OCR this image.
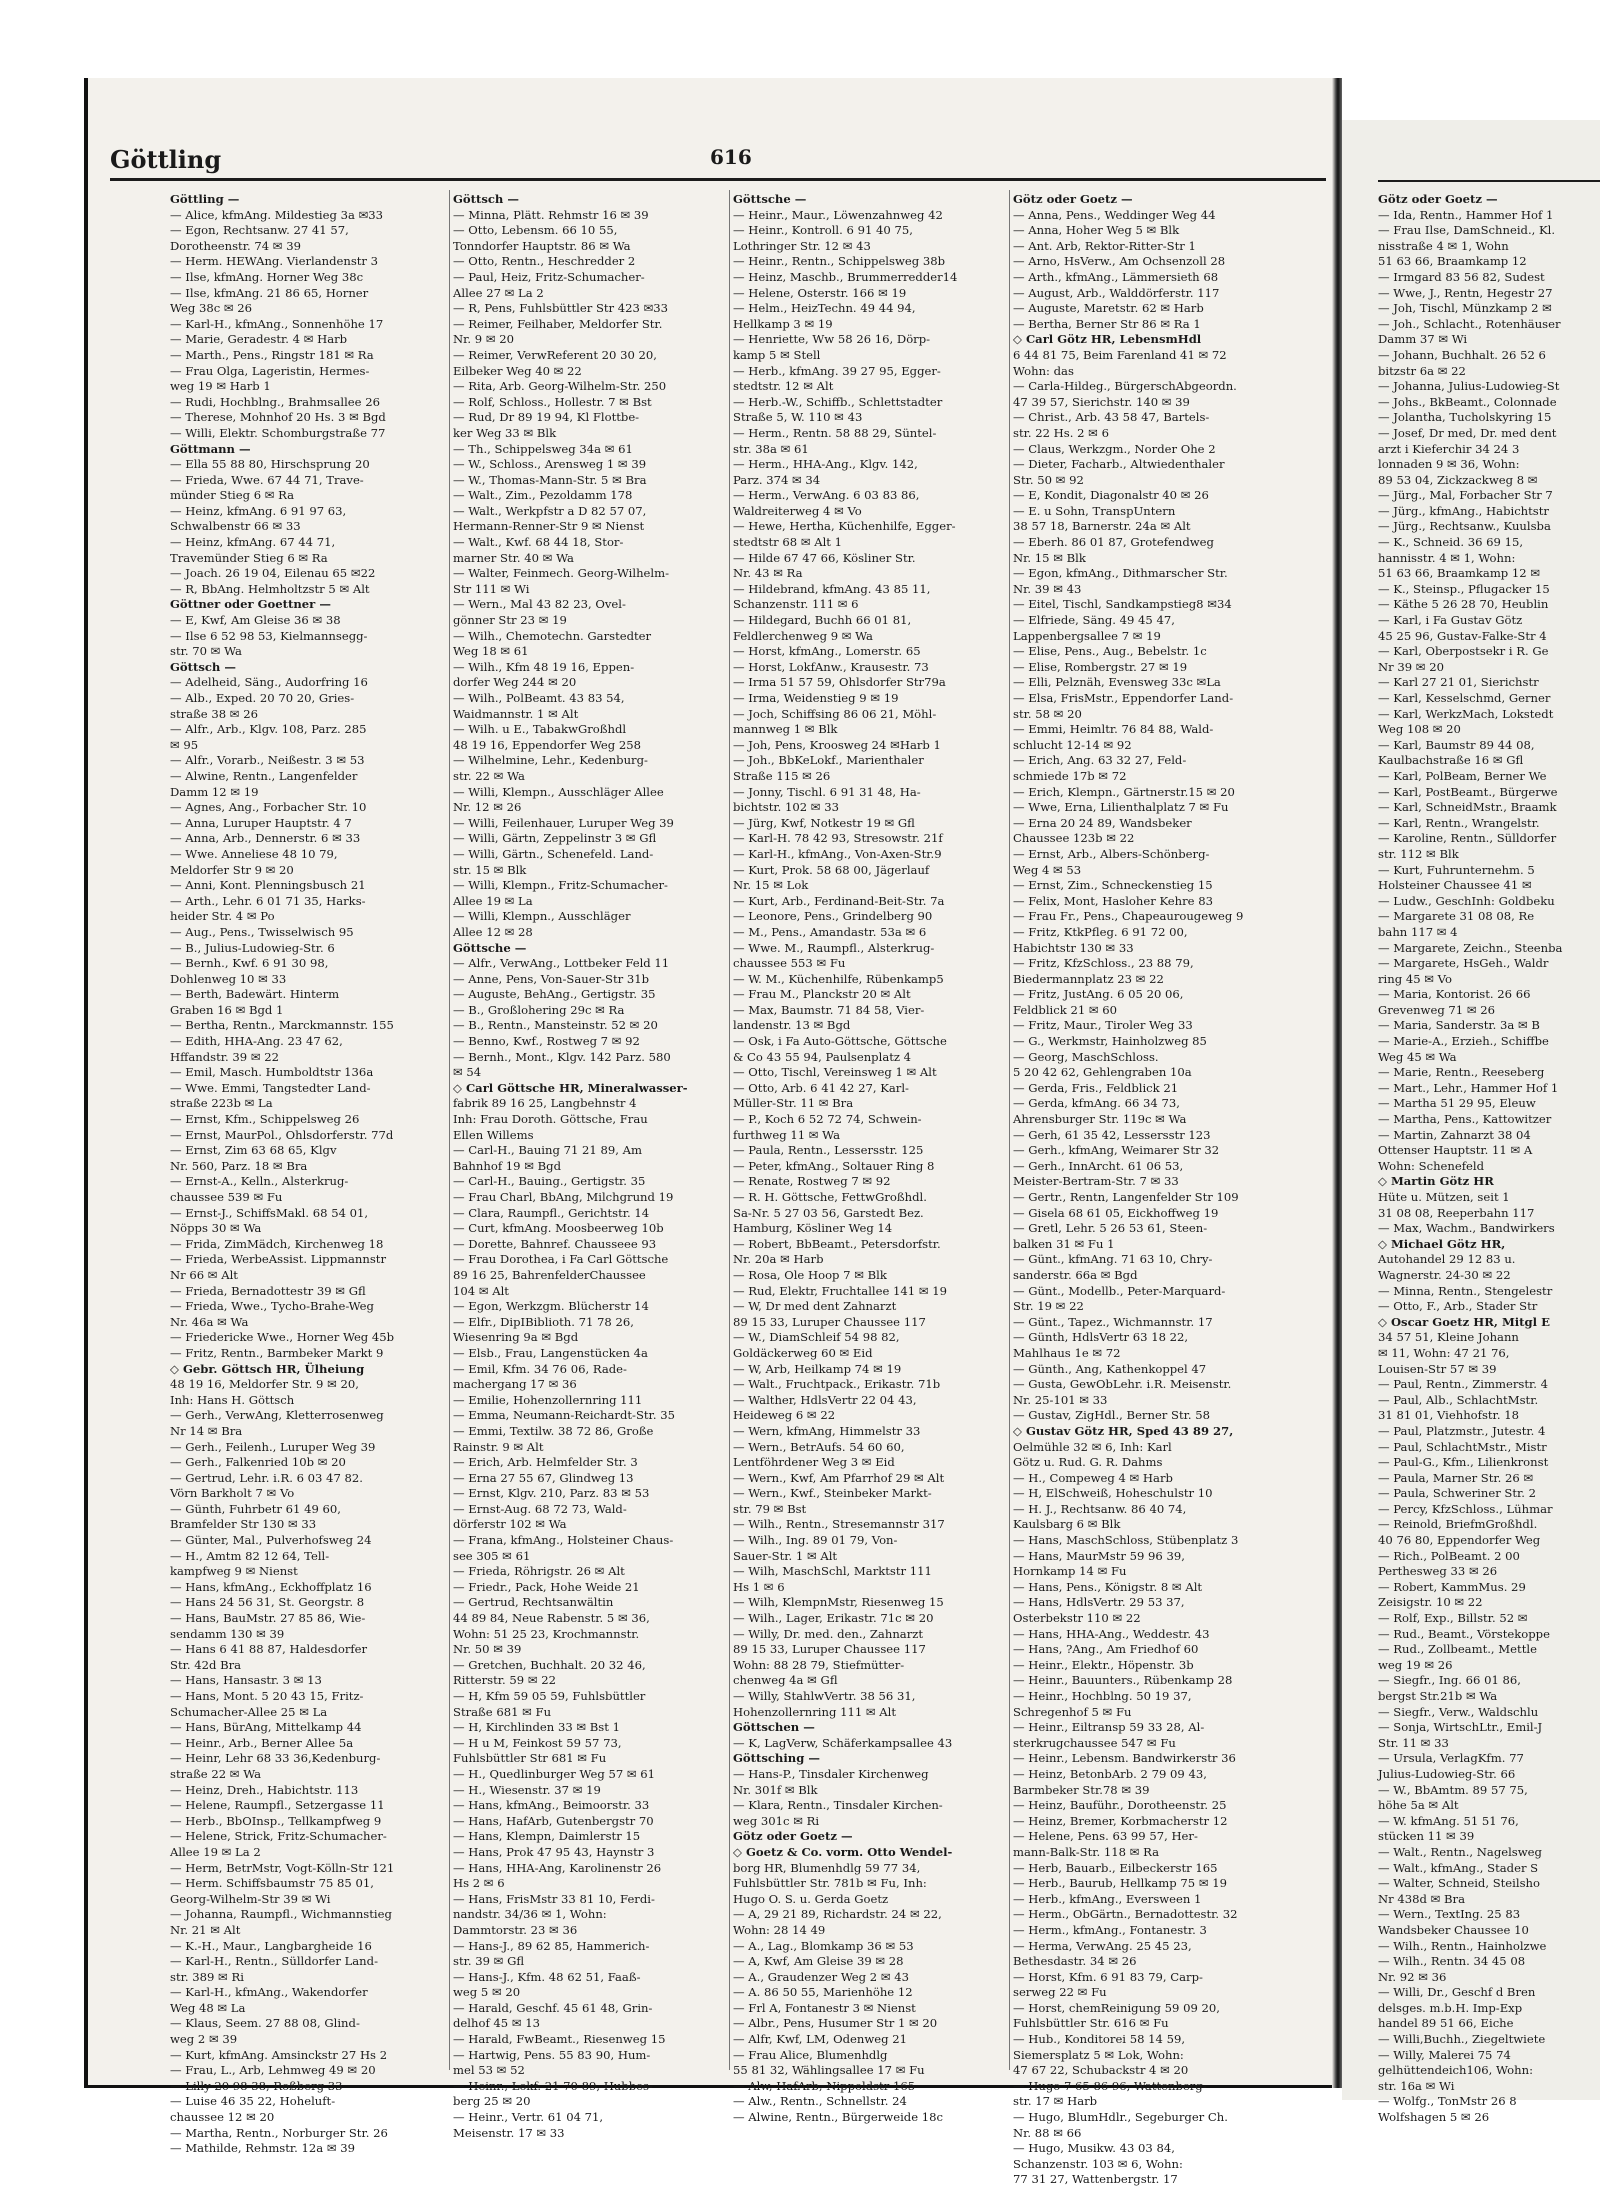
Göttling	616
Göttling —
— Alice, kfmAng. Mildestieg 3a ✉33
— Egon, Rechtsanw. 27 41 57,
Dorotheenstr. 74 ✉ 39
— Herm. HEWAng. Vierlandenstr 3
— Ilse, kfmAng. Horner Weg 38c
— Ilse, kfmAng. 21 86 65, Horner
Weg 38c ✉ 26
— Karl-H., kfmAng., Sonnenhöhe 17
— Marie, Geradestr. 4 ✉ Harb
— Marth., Pens., Ringstr 181 ✉ Ra
— Frau Olga, Lageristin, Hermes-
weg 19 ✉ Harb 1
— Rudi, Hochblng., Brahmsallee 26
— Therese, Mohnhof 20 Hs. 3 ✉ Bgd
— Willi, Elektr. Schomburgstraße 77
Göttmann —
— Ella 55 88 80, Hirschsprung 20
— Frieda, Wwe. 67 44 71, Trave-
münder Stieg 6 ✉ Ra
— Heinz, kfmAng. 6 91 97 63,
Schwalbenstr 66 ✉ 33
— Heinz, kfmAng. 67 44 71,
Travemünder Stieg 6 ✉ Ra
— Joach. 26 19 04, Eilenau 65 ✉22
— R, BbAng. Helmholtzstr 5 ✉ Alt
Göttner oder Goettner —
— E, Kwf, Am Gleise 36 ✉ 38
— Ilse 6 52 98 53, Kielmannsegg-
str. 70 ✉ Wa
Göttsch —
— Adelheid, Säng., Audorfring 16
— Alb., Exped. 20 70 20, Gries-
straße 38 ✉ 26
— Alfr., Arb., Klgv. 108, Parz. 285
✉ 95
— Alfr., Vorarb., Neißestr. 3 ✉ 53
— Alwine, Rentn., Langenfelder
Damm 12 ✉ 19
— Agnes, Ang., Forbacher Str. 10
— Anna, Luruper Hauptstr. 4 7
— Anna, Arb., Dennerstr. 6 ✉ 33
— Wwe. Anneliese 48 10 79,
Meldorfer Str 9 ✉ 20
— Anni, Kont. Plenningsbusch 21
— Arth., Lehr. 6 01 71 35, Harks-
heider Str. 4 ✉ Po
— Aug., Pens., Twisselwisch 95
— B., Julius-Ludowieg-Str. 6
— Bernh., Kwf. 6 91 30 98,
Dohlenweg 10 ✉ 33
— Berth, Badewärt. Hinterm
Graben 16 ✉ Bgd 1
— Bertha, Rentn., Marckmannstr. 155
— Edith, HHA-Ang. 23 47 62,
Hffandstr. 39 ✉ 22
— Emil, Masch. Humboldtstr 136a
— Wwe. Emmi, Tangstedter Land-
straße 223b ✉ La
— Ernst, Kfm., Schippelsweg 26
— Ernst, MaurPol., Ohlsdorferstr. 77d
— Ernst, Zim 63 68 65, Klgv
Nr. 560, Parz. 18 ✉ Bra
— Ernst-A., Kelln., Alsterkrug-
chaussee 539 ✉ Fu
— Ernst-J., SchiffsMakl. 68 54 01,
Nöpps 30 ✉ Wa
— Frida, ZimMädch, Kirchenweg 18
— Frieda, WerbeAssist. Lippmannstr
Nr 66 ✉ Alt
— Frieda, Bernadottestr 39 ✉ Gfl
— Frieda, Wwe., Tycho-Brahe-Weg
Nr. 46a ✉ Wa
— Friedericke Wwe., Horner Weg 45b
— Fritz, Rentn., Barmbeker Markt 9
◇ Gebr. Göttsch HR, Ülheiung
48 19 16, Meldorfer Str. 9 ✉ 20,
Inh: Hans H. Göttsch
— Gerh., VerwAng, Kletterrosenweg
Nr 14 ✉ Bra
— Gerh., Feilenh., Luruper Weg 39
— Gerh., Falkenried 10b ✉ 20
— Gertrud, Lehr. i.R. 6 03 47 82.
Vörn Barkholt 7 ✉ Vo
— Günth, Fuhrbetr 61 49 60,
Bramfelder Str 130 ✉ 33
— Günter, Mal., Pulverhofsweg 24
— H., Amtm 82 12 64, Tell-
kampfweg 9 ✉ Nienst
— Hans, kfmAng., Eckhoffplatz 16
— Hans 24 56 31, St. Georgstr. 8
— Hans, BauMstr. 27 85 86, Wie-
sendamm 130 ✉ 39
— Hans 6 41 88 87, Haldesdorfer
Str. 42d Bra
— Hans, Hansastr. 3 ✉ 13
— Hans, Mont. 5 20 43 15, Fritz-
Schumacher-Allee 25 ✉ La
— Hans, BürAng, Mittelkamp 44
— Heinr., Arb., Berner Allee 5a
— Heinr, Lehr 68 33 36,Kedenburg-
straße 22 ✉ Wa
— Heinz, Dreh., Habichtstr. 113
— Helene, Raumpfl., Setzergasse 11
— Herb., BbOInsp., Tellkampfweg 9
— Helene, Strick, Fritz-Schumacher-
Allee 19 ✉ La 2
— Herm, BetrMstr, Vogt-Kölln-Str 121
— Herm. Schiffsbaumstr 75 85 01,
Georg-Wilhelm-Str 39 ✉ Wi
— Johanna, Raumpfl., Wichmannstieg
Nr. 21 ✉ Alt
— K.-H., Maur., Langbargheide 16
— Karl-H., Rentn., Sülldorfer Land-
str. 389 ✉ Ri
— Karl-H., kfmAng., Wakendorfer
Weg 48 ✉ La
— Klaus, Seem. 27 88 08, Glind-
weg 2 ✉ 39
— Kurt, kfmAng. Amsinckstr 27 Hs 2
— Frau, L., Arb, Lehmweg 49 ✉ 20
— Lilly 20 98 38, Roßberg 33
— Luise 46 35 22, Hoheluft-
chaussee 12 ✉ 20
— Martha, Rentn., Norburger Str. 26
— Mathilde, Rehmstr. 12a ✉ 39
Göttsch —
— Minna, Plätt. Rehmstr 16 ✉ 39
— Otto, Lebensm. 66 10 55,
Tonndorfer Hauptstr. 86 ✉ Wa
— Otto, Rentn., Heschredder 2
— Paul, Heiz, Fritz-Schumacher-
Allee 27 ✉ La 2
— R, Pens, Fuhlsbüttler Str 423 ✉33
— Reimer, Feilhaber, Meldorfer Str.
Nr. 9 ✉ 20
— Reimer, VerwReferent 20 30 20,
Eilbeker Weg 40 ✉ 22
— Rita, Arb. Georg-Wilhelm-Str. 250
— Rolf, Schloss., Hollestr. 7 ✉ Bst
— Rud, Dr 89 19 94, Kl Flottbe-
ker Weg 33 ✉ Blk
— Th., Schippelsweg 34a ✉ 61
— W., Schloss., Arensweg 1 ✉ 39
— W., Thomas-Mann-Str. 5 ✉ Bra
— Walt., Zim., Pezoldamm 178
— Walt., Werkpfstr a D 82 57 07,
Hermann-Renner-Str 9 ✉ Nienst
— Walt., Kwf. 68 44 18, Stor-
marner Str. 40 ✉ Wa
— Walter, Feinmech. Georg-Wilhelm-
Str 111 ✉ Wi
— Wern., Mal 43 82 23, Ovel-
gönner Str 23 ✉ 19
— Wilh., Chemotechn. Garstedter
Weg 18 ✉ 61
— Wilh., Kfm 48 19 16, Eppen-
dorfer Weg 244 ✉ 20
— Wilh., PolBeamt. 43 83 54,
Waidmannstr. 1 ✉ Alt
— Wilh. u E., TabakwGroßhdl
48 19 16, Eppendorfer Weg 258
— Wilhelmine, Lehr., Kedenburg-
str. 22 ✉ Wa
— Willi, Klempn., Ausschläger Allee
Nr. 12 ✉ 26
— Willi, Feilenhauer, Luruper Weg 39
— Willi, Gärtn, Zeppelinstr 3 ✉ Gfl
— Willi, Gärtn., Schenefeld. Land-
str. 15 ✉ Blk
— Willi, Klempn., Fritz-Schumacher-
Allee 19 ✉ La
— Willi, Klempn., Ausschläger
Allee 12 ✉ 28
Göttsche —
— Alfr., VerwAng., Lottbeker Feld 11
— Anne, Pens, Von-Sauer-Str 31b
— Auguste, BehAng., Gertigstr. 35
— B., Großlohering 29c ✉ Ra
— B., Rentn., Mansteinstr. 52 ✉ 20
— Benno, Kwf., Rostweg 7 ✉ 92
— Bernh., Mont., Klgv. 142 Parz. 580
✉ 54
◇ Carl Göttsche HR, Mineralwasser-
fabrik 89 16 25, Langbehnstr 4
Inh: Frau Doroth. Göttsche, Frau
Ellen Willems
— Carl-H., Bauing 71 21 89, Am
Bahnhof 19 ✉ Bgd
— Carl-H., Bauing., Gertigstr. 35
— Frau Charl, BbAng, Milchgrund 19
— Clara, Raumpfl., Gerichtstr. 14
— Curt, kfmAng. Moosbeerweg 10b
— Dorette, Bahnref. Chausseee 93
— Frau Dorothea, i Fa Carl Göttsche
89 16 25, BahrenfelderChaussee
104 ✉ Alt
— Egon, Werkzgm. Blücherstr 14
— Elfr., DipIBiblioth. 71 78 26,
Wiesenring 9a ✉ Bgd
— Elsb., Frau, Langenstücken 4a
— Emil, Kfm. 34 76 06, Rade-
machergang 17 ✉ 36
— Emilie, Hohenzollernring 111
— Emma, Neumann-Reichardt-Str. 35
— Emmi, Textilw. 38 72 86, Große
Rainstr. 9 ✉ Alt
— Erich, Arb. Helmfelder Str. 3
— Erna 27 55 67, Glindweg 13
— Ernst, Klgv. 210, Parz. 83 ✉ 53
— Ernst-Aug. 68 72 73, Wald-
dörferstr 102 ✉ Wa
— Frana, kfmAng., Holsteiner Chaus-
see 305 ✉ 61
— Frieda, Röhrigstr. 26 ✉ Alt
— Friedr., Pack, Hohe Weide 21
— Gertrud, Rechtsanwältin
44 89 84, Neue Rabenstr. 5 ✉ 36,
Wohn: 51 25 23, Krochmannstr.
Nr. 50 ✉ 39
— Gretchen, Buchhalt. 20 32 46,
Ritterstr. 59 ✉ 22
— H, Kfm 59 05 59, Fuhlsbüttler
Straße 681 ✉ Fu
— H, Kirchlinden 33 ✉ Bst 1
— H u M, Feinkost 59 57 73,
Fuhlsbüttler Str 681 ✉ Fu
— H., Quedlinburger Weg 57 ✉ 61
— H., Wiesenstr. 37 ✉ 19
— Hans, kfmAng., Beimoorstr. 33
— Hans, HafArb, Gutenbergstr 70
— Hans, Klempn, Daimlerstr 15
— Hans, Prok 47 95 43, Haynstr 3
— Hans, HHA-Ang, Karolinenstr 26
Hs 2 ✉ 6
— Hans, FrisMstr 33 81 10, Ferdi-
nandstr. 34/36 ✉ 1, Wohn:
Dammtorstr. 23 ✉ 36
— Hans-J., 89 62 85, Hammerich-
str. 39 ✉ Gfl
— Hans-J., Kfm. 48 62 51, Faaß-
weg 5 ✉ 20
— Harald, Geschf. 45 61 48, Grin-
delhof 45 ✉ 13
— Harald, FwBeamt., Riesenweg 15
— Hartwig, Pens. 55 83 90, Hum-
mel 53 ✉ 52
— Heinr., Lokf. 21 70 89, Hubbes-
berg 25 ✉ 20
— Heinr., Vertr. 61 04 71,
Meisenstr. 17 ✉ 33
Göttsche —
— Heinr., Maur., Löwenzahnweg 42
— Heinr., Kontroll. 6 91 40 75,
Lothringer Str. 12 ✉ 43
— Heinr., Rentn., Schippelsweg 38b
— Heinz, Maschb., Brummerredder14
— Helene, Osterstr. 166 ✉ 19
— Helm., HeizTechn. 49 44 94,
Hellkamp 3 ✉ 19
— Henriette, Ww 58 26 16, Dörp-
kamp 5 ✉ Stell
— Herb., kfmAng. 39 27 95, Egger-
stedtstr. 12 ✉ Alt
— Herb.-W., Schiffb., Schlettstadter
Straße 5, W. 110 ✉ 43
— Herm., Rentn. 58 88 29, Süntel-
str. 38a ✉ 61
— Herm., HHA-Ang., Klgv. 142,
Parz. 374 ✉ 34
— Herm., VerwAng. 6 03 83 86,
Waldreiterweg 4 ✉ Vo
— Hewe, Hertha, Küchenhilfe, Egger-
stedtstr 68 ✉ Alt 1
— Hilde 67 47 66, Kösliner Str.
Nr. 43 ✉ Ra
— Hildebrand, kfmAng. 43 85 11,
Schanzenstr. 111 ✉ 6
— Hildegard, Buchh 66 01 81,
Feldlerchenweg 9 ✉ Wa
— Horst, kfmAng., Lomerstr. 65
— Horst, LokfAnw., Krausestr. 73
— Irma 51 57 59, Ohlsdorfer Str79a
— Irma, Weidenstieg 9 ✉ 19
— Joch, Schiffsing 86 06 21, Möhl-
mannweg 1 ✉ Blk
— Joh, Pens, Kroosweg 24 ✉Harb 1
— Joh., BbKeLokf., Marienthaler
Straße 115 ✉ 26
— Jonny, Tischl. 6 91 31 48, Ha-
bichtstr. 102 ✉ 33
— Jürg, Kwf, Notkestr 19 ✉ Gfl
— Karl-H. 78 42 93, Stresowstr. 21f
— Karl-H., kfmAng., Von-Axen-Str.9
— Kurt, Prok. 58 68 00, Jägerlauf
Nr. 15 ✉ Lok
— Kurt, Arb., Ferdinand-Beit-Str. 7a
— Leonore, Pens., Grindelberg 90
— M., Pens., Amandastr. 53a ✉ 6
— Wwe. M., Raumpfl., Alsterkrug-
chaussee 553 ✉ Fu
— W. M., Küchenhilfe, Rübenkamp5
— Frau M., Planckstr 20 ✉ Alt
— Max, Baumstr. 71 84 58, Vier-
landenstr. 13 ✉ Bgd
— Osk, i Fa Auto-Göttsche, Göttsche
& Co 43 55 94, Paulsenplatz 4
— Otto, Tischl, Vereinsweg 1 ✉ Alt
— Otto, Arb. 6 41 42 27, Karl-
Müller-Str. 11 ✉ Bra
— P., Koch 6 52 72 74, Schwein-
furthweg 11 ✉ Wa
— Paula, Rentn., Lessersstr. 125
— Peter, kfmAng., Soltauer Ring 8
— Renate, Rostweg 7 ✉ 92
— R. H. Göttsche, FettwGroßhdl.
Sa-Nr. 5 27 03 56, Garstedt Bez.
Hamburg, Kösliner Weg 14
— Robert, BbBeamt., Petersdorfstr.
Nr. 20a ✉ Harb
— Rosa, Ole Hoop 7 ✉ Blk
— Rud, Elektr, Fruchtallee 141 ✉ 19
— W, Dr med dent Zahnarzt
89 15 33, Luruper Chaussee 117
— W., DiamSchleif 54 98 82,
Goldäckerweg 60 ✉ Eid
— W, Arb, Heilkamp 74 ✉ 19
— Walt., Fruchtpack., Erikastr. 71b
— Walther, HdlsVertr 22 04 43,
Heideweg 6 ✉ 22
— Wern, kfmAng, Himmelstr 33
— Wern., BetrAufs. 54 60 60,
Lentföhrdener Weg 3 ✉ Eid
— Wern., Kwf, Am Pfarrhof 29 ✉ Alt
— Wern., Kwf., Steinbeker Markt-
str. 79 ✉ Bst
— Wilh., Rentn., Stresemannstr 317
— Wilh., Ing. 89 01 79, Von-
Sauer-Str. 1 ✉ Alt
— Wilh, MaschSchl, Marktstr 111
Hs 1 ✉ 6
— Wilh, KlempnMstr, Riesenweg 15
— Wilh., Lager, Erikastr. 71c ✉ 20
— Willy, Dr. med. den., Zahnarzt
89 15 33, Luruper Chaussee 117
Wohn: 88 28 79, Stiefmütter-
chenweg 4a ✉ Gfl
— Willy, StahlwVertr. 38 56 31,
Hohenzollernring 111 ✉ Alt
Göttschen —
— K, LagVerw, Schäferkampsallee 43
Göttsching —
— Hans-P., Tinsdaler Kirchenweg
Nr. 301f ✉ Blk
— Klara, Rentn., Tinsdaler Kirchen-
weg 301c ✉ Ri
Götz oder Goetz —
◇ Goetz & Co. vorm. Otto Wendel-
borg HR, Blumenhdlg 59 77 34,
Fuhlsbüttler Str. 781b ✉ Fu, Inh:
Hugo O. S. u. Gerda Goetz
— A, 29 21 89, Richardstr. 24 ✉ 22,
Wohn: 28 14 49
— A., Lag., Blomkamp 36 ✉ 53
— A, Kwf, Am Gleise 39 ✉ 28
— A., Graudenzer Weg 2 ✉ 43
— A. 86 50 55, Marienhöhe 12
— Frl A, Fontanestr 3 ✉ Nienst
— Albr., Pens, Husumer Str 1 ✉ 20
— Alfr, Kwf, LM, Odenweg 21
— Frau Alice, Blumenhdlg
55 81 32, Wählingsallee 17 ✉ Fu
— Alw, HafArb, Nippoldstr 165
— Alw., Rentn., Schnellstr. 24
— Alwine, Rentn., Bürgerweide 18c
Götz oder Goetz —
— Anna, Pens., Weddinger Weg 44
— Anna, Hoher Weg 5 ✉ Blk
— Ant. Arb, Rektor-Ritter-Str 1
— Arno, HsVerw., Am Ochsenzoll 28
— Arth., kfmAng., Lämmersieth 68
— August, Arb., Walddörferstr. 117
— Auguste, Maretstr. 62 ✉ Harb
— Bertha, Berner Str 86 ✉ Ra 1
◇ Carl Götz HR, LebensmHdl
6 44 81 75, Beim Farenland 41 ✉ 72
Wohn: das
— Carla-Hildeg., BürgerschAbgeordn.
47 39 57, Sierichstr. 140 ✉ 39
— Christ., Arb. 43 58 47, Bartels-
str. 22 Hs. 2 ✉ 6
— Claus, Werkzgm., Norder Ohe 2
— Dieter, Facharb., Altwiedenthaler
Str. 50 ✉ 92
— E, Kondit, Diagonalstr 40 ✉ 26
— E. u Sohn, TranspUntern
38 57 18, Barnerstr. 24a ✉ Alt
— Eberh. 86 01 87, Grotefendweg
Nr. 15 ✉ Blk
— Egon, kfmAng., Dithmarscher Str.
Nr. 39 ✉ 43
— Eitel, Tischl, Sandkampstieg8 ✉34
— Elfriede, Säng. 49 45 47,
Lappenbergsallee 7 ✉ 19
— Elise, Pens., Aug., Bebelstr. 1c
— Elise, Rombergstr. 27 ✉ 19
— Elli, Pelznäh, Evensweg 33c ✉La
— Elsa, FrisMstr., Eppendorfer Land-
str. 58 ✉ 20
— Emmi, Heimltr. 76 84 88, Wald-
schlucht 12-14 ✉ 92
— Erich, Ang. 63 32 27, Feld-
schmiede 17b ✉ 72
— Erich, Klempn., Gärtnerstr.15 ✉ 20
— Wwe, Erna, Lilienthalplatz 7 ✉ Fu
— Erna 20 24 89, Wandsbeker
Chaussee 123b ✉ 22
— Ernst, Arb., Albers-Schönberg-
Weg 4 ✉ 53
— Ernst, Zim., Schneckenstieg 15
— Felix, Mont, Hasloher Kehre 83
— Frau Fr., Pens., Chapeaurougeweg 9
— Fritz, KtkPfleg. 6 91 72 00,
Habichtstr 130 ✉ 33
— Fritz, KfzSchloss., 23 88 79,
Biedermannplatz 23 ✉ 22
— Fritz, JustAng. 6 05 20 06,
Feldblick 21 ✉ 60
— Fritz, Maur., Tiroler Weg 33
— G., Werkmstr, Hainholzweg 85
— Georg, MaschSchloss.
5 20 42 62, Gehlengraben 10a
— Gerda, Fris., Feldblick 21
— Gerda, kfmAng. 66 34 73,
Ahrensburger Str. 119c ✉ Wa
— Gerh, 61 35 42, Lessersstr 123
— Gerh., kfmAng, Weimarer Str 32
— Gerh., InnArcht. 61 06 53,
Meister-Bertram-Str. 7 ✉ 33
— Gertr., Rentn, Langenfelder Str 109
— Gisela 68 61 05, Eickhoffweg 19
— Gretl, Lehr. 5 26 53 61, Steen-
balken 31 ✉ Fu 1
— Günt., kfmAng. 71 63 10, Chry-
sanderstr. 66a ✉ Bgd
— Günt., Modellb., Peter-Marquard-
Str. 19 ✉ 22
— Günt., Tapez., Wichmannstr. 17
— Günth, HdlsVertr 63 18 22,
Mahlhaus 1e ✉ 72
— Günth., Ang, Kathenkoppel 47
— Gusta, GewObLehr. i.R. Meisenstr.
Nr. 25-101 ✉ 33
— Gustav, ZigHdl., Berner Str. 58
◇ Gustav Götz HR, Sped 43 89 27,
Oelmühle 32 ✉ 6, Inh: Karl
Götz u. Rud. G. R. Dahms
— H., Compeweg 4 ✉ Harb
— H, ElSchweiß, Hoheschulstr 10
— H. J., Rechtsanw. 86 40 74,
Kaulsbarg 6 ✉ Blk
— Hans, MaschSchloss, Stübenplatz 3
— Hans, MaurMstr 59 96 39,
Hornkamp 14 ✉ Fu
— Hans, Pens., Königstr. 8 ✉ Alt
— Hans, HdlsVertr. 29 53 37,
Osterbekstr 110 ✉ 22
— Hans, HHA-Ang., Weddestr. 43
— Hans, ?Ang., Am Friedhof 60
— Heinr., Elektr., Höpenstr. 3b
— Heinr., Bauunters., Rübenkamp 28
— Heinr., Hochblng. 50 19 37,
Schregenhof 5 ✉ Fu
— Heinr., Eiltransp 59 33 28, Al-
sterkrugchaussee 547 ✉ Fu
— Heinr., Lebensm. Bandwirkerstr 36
— Heinz, BetonbArb. 2 79 09 43,
Barmbeker Str.78 ✉ 39
— Heinz, Bauführ., Dorotheenstr. 25
— Heinz, Bremer, Korbmacherstr 12
— Helene, Pens. 63 99 57, Her-
mann-Balk-Str. 118 ✉ Ra
— Herb, Bauarb., Eilbeckerstr 165
— Herb., Baurub, Hellkamp 75 ✉ 19
— Herb., kfmAng., Eversween 1
— Herm., ObGärtn., Bernadottestr. 32
— Herm., kfmAng., Fontanestr. 3
— Herma, VerwAng. 25 45 23,
Bethesdastr. 34 ✉ 26
— Horst, Kfm. 6 91 83 79, Carp-
serweg 22 ✉ Fu
— Horst, chemReinigung 59 09 20,
Fuhlsbüttler Str. 616 ✉ Fu
— Hub., Konditorei 58 14 59,
Siemersplatz 5 ✉ Lok, Wohn:
47 67 22, Schubackstr 4 ✉ 20
— Hugo 7 65 86 96, Wattenberg-
str. 17 ✉ Harb
— Hugo, BlumHdlr., Segeburger Ch.
Nr. 88 ✉ 66
— Hugo, Musikw. 43 03 84,
Schanzenstr. 103 ✉ 6, Wohn:
77 31 27, Wattenbergstr. 17
Götz oder Goetz —
— Ida, Rentn., Hammer Hof 1
— Frau Ilse, DamSchneid., Kl.
nisstraße 4 ✉ 1, Wohn
51 63 66, Braamkamp 12
— Irmgard 83 56 82, Sudest
— Wwe, J., Rentn, Hegestr 27
— Joh, Tischl, Münzkamp 2 ✉
— Joh., Schlacht., Rotenhäuser
Damm 37 ✉ Wi
— Johann, Buchhalt. 26 52 6
bitzstr 6a ✉ 22
— Johanna, Julius-Ludowieg-St
— Johs., BkBeamt., Colonnade
— Jolantha, Tucholskyring 15
— Josef, Dr med, Dr. med dent
arzt i Kieferchir 34 24 3
lonnaden 9 ✉ 36, Wohn:
89 53 04, Zickzackweg 8 ✉
— Jürg., Mal, Forbacher Str 7
— Jürg., kfmAng., Habichtstr
— Jürg., Rechtsanw., Kuulsba
— K., Schneid. 36 69 15,
hannisstr. 4 ✉ 1, Wohn:
51 63 66, Braamkamp 12 ✉
— K., Steinsp., Pflugacker 15
— Käthe 5 26 28 70, Heublin
— Karl, i Fa Gustav Götz
45 25 96, Gustav-Falke-Str 4
— Karl, Oberpostsekr i R. Ge
Nr 39 ✉ 20
— Karl 27 21 01, Sierichstr
— Karl, Kesselschmd, Gerner
— Karl, WerkzMach, Lokstedt
Weg 108 ✉ 20
— Karl, Baumstr 89 44 08,
Kaulbachstraße 16 ✉ Gfl
— Karl, PolBeam, Berner We
— Karl, PostBeamt., Bürgerwe
— Karl, SchneidMstr., Braamk
— Karl, Rentn., Wrangelstr.
— Karoline, Rentn., Sülldorfer
str. 112 ✉ Blk
— Kurt, Fuhrunternehm. 5
Holsteiner Chaussee 41 ✉
— Ludw., GeschInh: Goldbeku
— Margarete 31 08 08, Re
bahn 117 ✉ 4
— Margarete, Zeichn., Steenba
— Margarete, HsGeh., Waldr
ring 45 ✉ Vo
— Maria, Kontorist. 26 66
Grevenweg 71 ✉ 26
— Maria, Sanderstr. 3a ✉ B
— Marie-A., Erzieh., Schiffbe
Weg 45 ✉ Wa
— Marie, Rentn., Reeseberg
— Mart., Lehr., Hammer Hof 1
— Martha 51 29 95, Eleuw
— Martha, Pens., Kattowitzer
— Martin, Zahnarzt 38 04
Ottenser Hauptstr. 11 ✉ A
Wohn: Schenefeld
◇ Martin Götz HR
Hüte u. Mützen, seit 1
31 08 08, Reeperbahn 117
— Max, Wachm., Bandwirkers
◇ Michael Götz HR,
Autohandel 29 12 83 u.
Wagnerstr. 24-30 ✉ 22
— Minna, Rentn., Stengelestr
— Otto, F., Arb., Stader Str
◇ Oscar Goetz HR, Mitgl E
34 57 51, Kleine Johann
✉ 11, Wohn: 47 21 76,
Louisen-Str 57 ✉ 39
— Paul, Rentn., Zimmerstr. 4
— Paul, Alb., SchlachtMstr.
31 81 01, Viehhofstr. 18
— Paul, Platzmstr., Jutestr. 4
— Paul, SchlachtMstr., Mistr
— Paul-G., Kfm., Lilienkronst
— Paula, Marner Str. 26 ✉
— Paula, Schweriner Str. 2
— Percy, KfzSchloss., Lühmar
— Reinold, BriefmGroßhdl.
40 76 80, Eppendorfer Weg
— Rich., PolBeamt. 2 00
Perthesweg 33 ✉ 26
— Robert, KammMus. 29
Zeisigstr. 10 ✉ 22
— Rolf, Exp., Billstr. 52 ✉
— Rud., Beamt., Vörstekoppe
— Rud., Zollbeamt., Mettle
weg 19 ✉ 26
— Siegfr., Ing. 66 01 86,
bergst Str.21b ✉ Wa
— Siegfr., Verw., Waldschlu
— Sonja, WirtschLtr., Emil-J
Str. 11 ✉ 33
— Ursula, VerlagKfm. 77
Julius-Ludowieg-Str. 66
— W., BbAmtm. 89 57 75,
höhe 5a ✉ Alt
— W. kfmAng. 51 51 76,
stücken 11 ✉ 39
— Walt., Rentn., Nagelsweg
— Walt., kfmAng., Stader S
— Walter, Schneid, Steilsho
Nr 438d ✉ Bra
— Wern., TextIng. 25 83
Wandsbeker Chaussee 10
— Wilh., Rentn., Hainholzwe
— Wilh., Rentn. 34 45 08
Nr. 92 ✉ 36
— Willi, Dr., Geschf d Bren
delsges. m.b.H. Imp-Exp
handel 89 51 66, Eiche
— Willi,Buchh., Ziegeltwiete
— Willy, Malerei 75 74
gelhüttendeich106, Wohn:
str. 16a ✉ Wi
— Wolfg., TonMstr 26 8
Wolfshagen 5 ✉ 26
